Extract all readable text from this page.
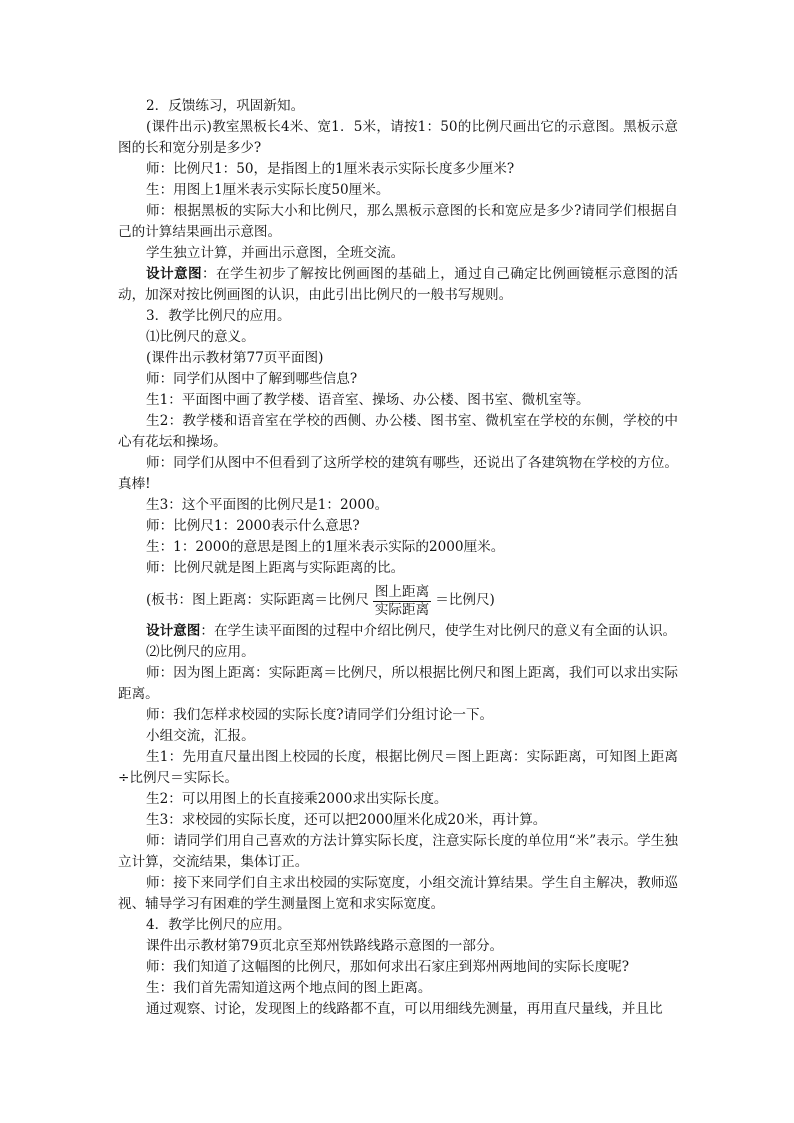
2．反馈练习，巩固新知。

(课件出示)教室黑板长4米、宽1．5米，请按1：50的比例尺画出它的示意图。黑板示意图的长和宽分别是多少?

师：比例尺1：50，是指图上的1厘米表示实际长度多少厘米?

生：用图上1厘米表示实际长度50厘米。

师：根据黑板的实际大小和比例尺，那么黑板示意图的长和宽应是多少?请同学们根据自己的计算结果画出示意图。

学生独立计算，并画出示意图，全班交流。

设计意图：在学生初步了解按比例画图的基础上，通过自己确定比例画镜框示意图的活动，加深对按比例画图的认识，由此引出比例尺的一般书写规则。

3．教学比例尺的应用。

⑴比例尺的意义。

(课件出示教材第77页平面图)

师：同学们从图中了解到哪些信息?

生1：平面图中画了教学楼、语音室、操场、办公楼、图书室、微机室等。

生2：教学楼和语音室在学校的西侧、办公楼、图书室、微机室在学校的东侧，学校的中心有花坛和操场。

师：同学们从图中不但看到了这所学校的建筑有哪些，还说出了各建筑物在学校的方位。真棒!

生3：这个平面图的比例尺是1：2000。

师：比例尺1：2000表示什么意思?

生：1：2000的意思是图上的1厘米表示实际的2000厘米。

师：比例尺就是图上距离与实际距离的比。

(板书：图上距离：实际距离＝比例尺 $\frac{\text{图上距离}}{\text{实际距离}}$ ＝比例尺)

设计意图：在学生读平面图的过程中介绍比例尺，使学生对比例尺的意义有全面的认识。

⑵比例尺的应用。

师：因为图上距离：实际距离＝比例尺，所以根据比例尺和图上距离，我们可以求出实际距离。

师：我们怎样求校园的实际长度?请同学们分组讨论一下。

小组交流，汇报。

生1：先用直尺量出图上校园的长度，根据比例尺＝图上距离：实际距离，可知图上距离÷比例尺＝实际长。

生2：可以用图上的长直接乘2000求出实际长度。

生3：求校园的实际长度，还可以把2000厘米化成20米，再计算。

师：请同学们用自己喜欢的方法计算实际长度，注意实际长度的单位用“米”表示。学生独立计算，交流结果，集体订正。

师：接下来同学们自主求出校园的实际宽度，小组交流计算结果。学生自主解决，教师巡视、辅导学习有困难的学生测量图上宽和求实际宽度。

4．教学比例尺的应用。

课件出示教材第79页北京至郑州铁路线路示意图的一部分。

师：我们知道了这幅图的比例尺，那如何求出石家庄到郑州两地间的实际长度呢?

生：我们首先需知道这两个地点间的图上距离。

通过观察、讨论，发现图上的线路都不直，可以用细线先测量，再用直尺量线，并且比
